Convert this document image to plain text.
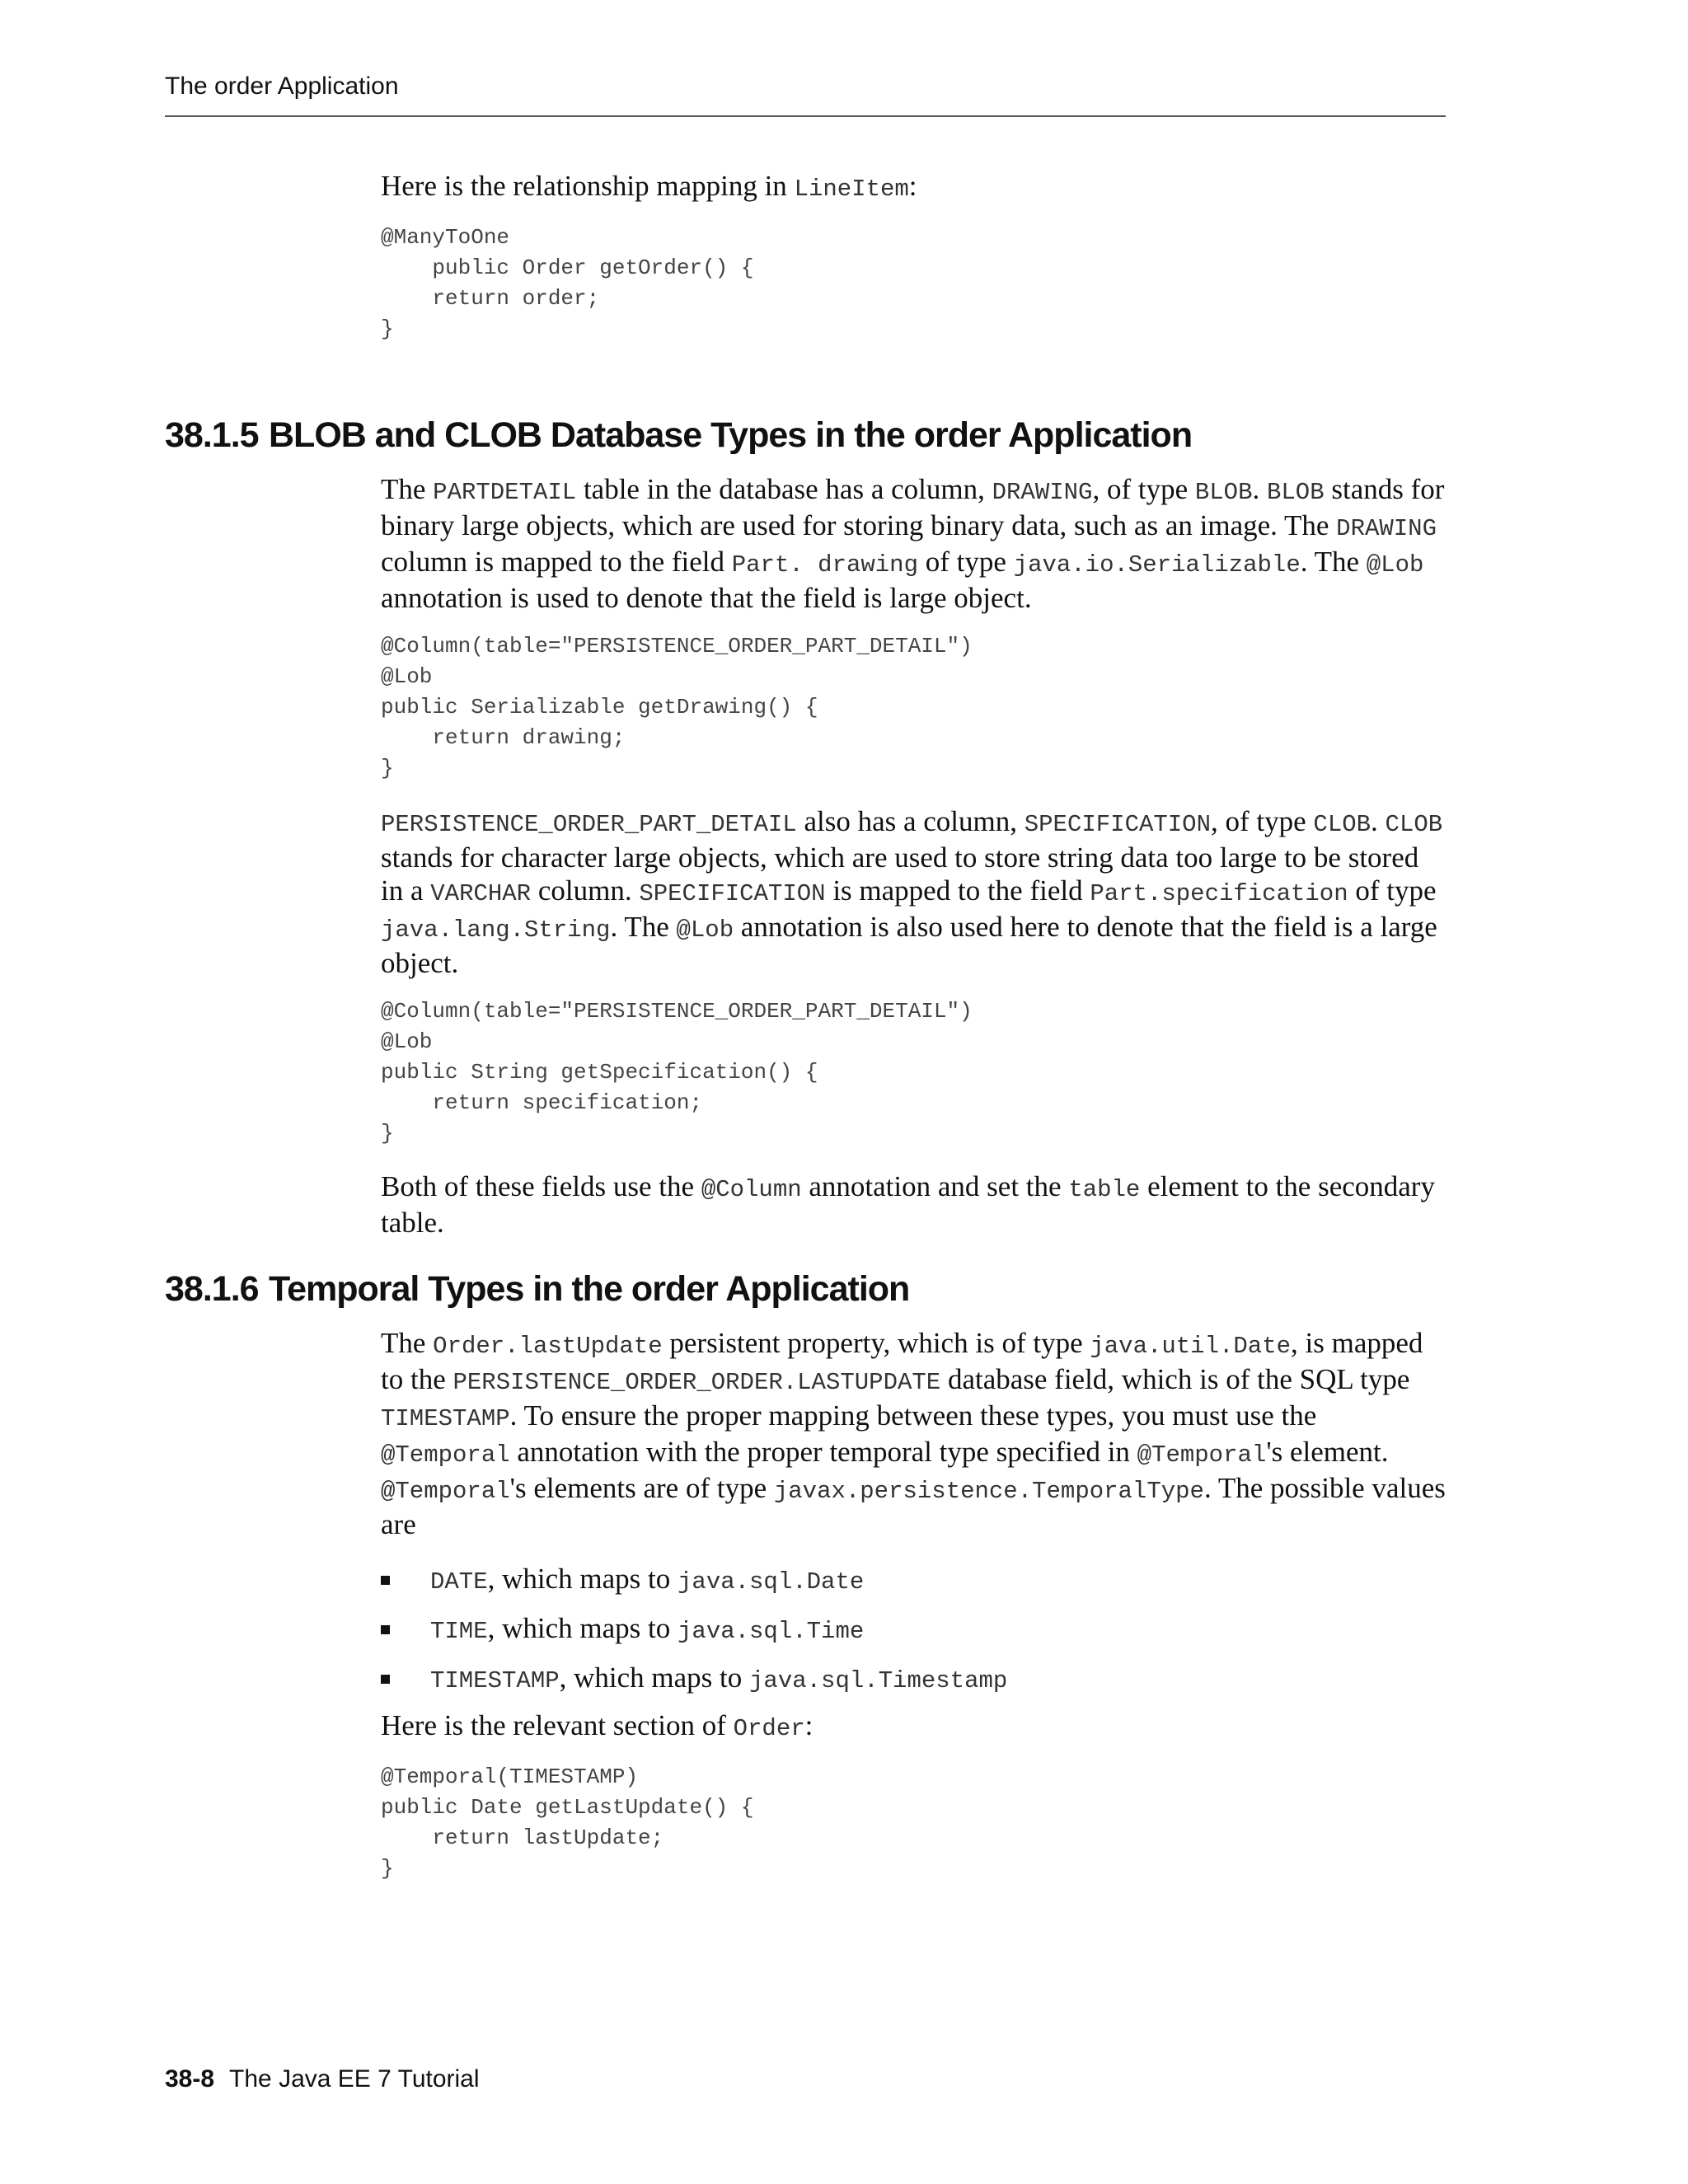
The order Application

Here is the relationship mapping in LineItem:

@ManyToOne
public Order getOrder() {
return order;
}
38.1.5 BLOB and CLOB Database Types in the order Application

The PARTDETAIL table in the database has a column, DRAWING, of type BLOB. BLOB stands for binary large objects, which are used for storing binary data, such as an image. The DRAWING column is mapped to the field Part. drawing of type java.io.Serializable. The @Lob annotation is used to denote that the field is large object.

@Column(table="PERSISTENCE_ORDER_PART_DETAIL")
@Lob
public Serializable getDrawing() {
return drawing;
}

PERSISTENCE_ORDER_PART_DETAIL also has a column, SPECIFICATION, of type CLOB. CLOB stands for character large objects, which are used to store string data too large to be stored in a VARCHAR column. SPECIFICATION is mapped to the field Part.specification of type java.lang.String. The @Lob annotation is also used here to denote that the field is a large object.

@Column(table="PERSISTENCE_ORDER_PART_DETAIL")
@Lob
public String getSpecification() {
return specification;
}

Both of these fields use the @Column annotation and set the table element to the secondary table.

38.1.6 Temporal Types in the order Application

The Order.lastUpdate persistent property, which is of type java.util.Date, is mapped to the PERSISTENCE_ORDER_ORDER.LASTUPDATE database field, which is of the SQL type TIMESTAMP. To ensure the proper mapping between these types, you must use the @Temporal annotation with the proper temporal type specified in @Temporal's element. @Temporal's elements are of type javax.persistence.TemporalType. The possible values are

DATE, which maps to java.sql.Date
TIME, which maps to java.sql.Time
TIMESTAMP, which maps to java.sql.Timestamp

Here is the relevant section of Order:

@Temporal(TIMESTAMP)
public Date getLastUpdate() {
return lastUpdate;
}
38-8 The Java EE 7 Tutorial
